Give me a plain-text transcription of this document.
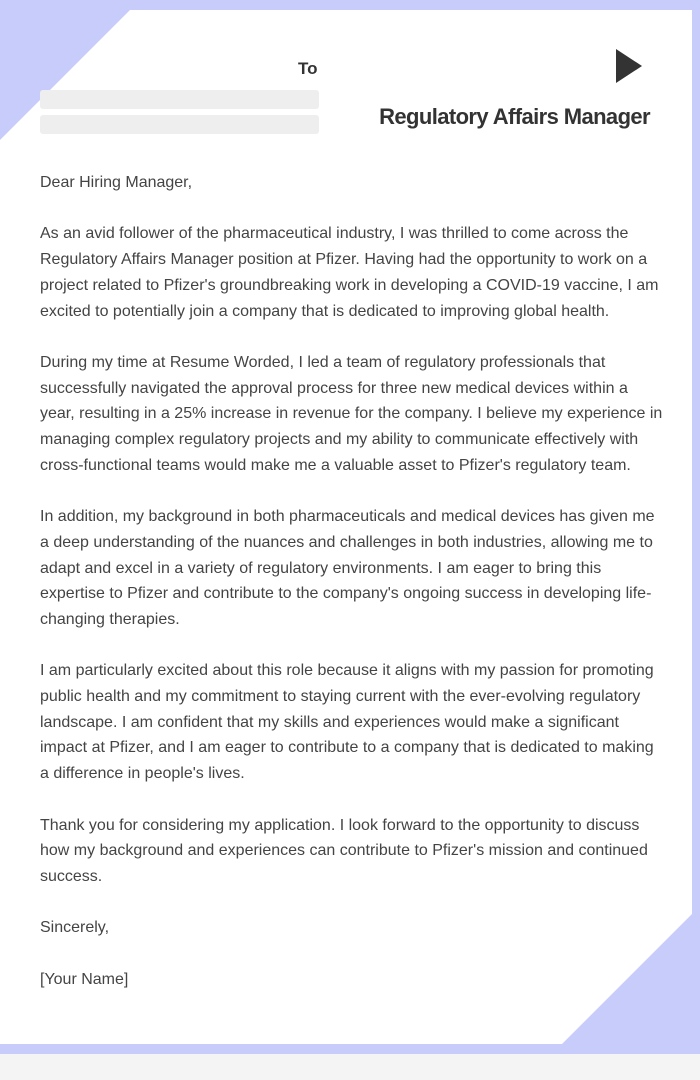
To
Regulatory Affairs Manager

Dear Hiring Manager,

As an avid follower of the pharmaceutical industry, I was thrilled to come across the Regulatory Affairs Manager position at Pfizer. Having had the opportunity to work on a project related to Pfizer's groundbreaking work in developing a COVID-19 vaccine, I am excited to potentially join a company that is dedicated to improving global health.

During my time at Resume Worded, I led a team of regulatory professionals that successfully navigated the approval process for three new medical devices within a year, resulting in a 25% increase in revenue for the company. I believe my experience in managing complex regulatory projects and my ability to communicate effectively with cross-functional teams would make me a valuable asset to Pfizer's regulatory team.

In addition, my background in both pharmaceuticals and medical devices has given me a deep understanding of the nuances and challenges in both industries, allowing me to adapt and excel in a variety of regulatory environments. I am eager to bring this expertise to Pfizer and contribute to the company's ongoing success in developing life-changing therapies.

I am particularly excited about this role because it aligns with my passion for promoting public health and my commitment to staying current with the ever-evolving regulatory landscape. I am confident that my skills and experiences would make a significant impact at Pfizer, and I am eager to contribute to a company that is dedicated to making a difference in people's lives.

Thank you for considering my application. I look forward to the opportunity to discuss how my background and experiences can contribute to Pfizer's mission and continued success.

Sincerely,

[Your Name]
